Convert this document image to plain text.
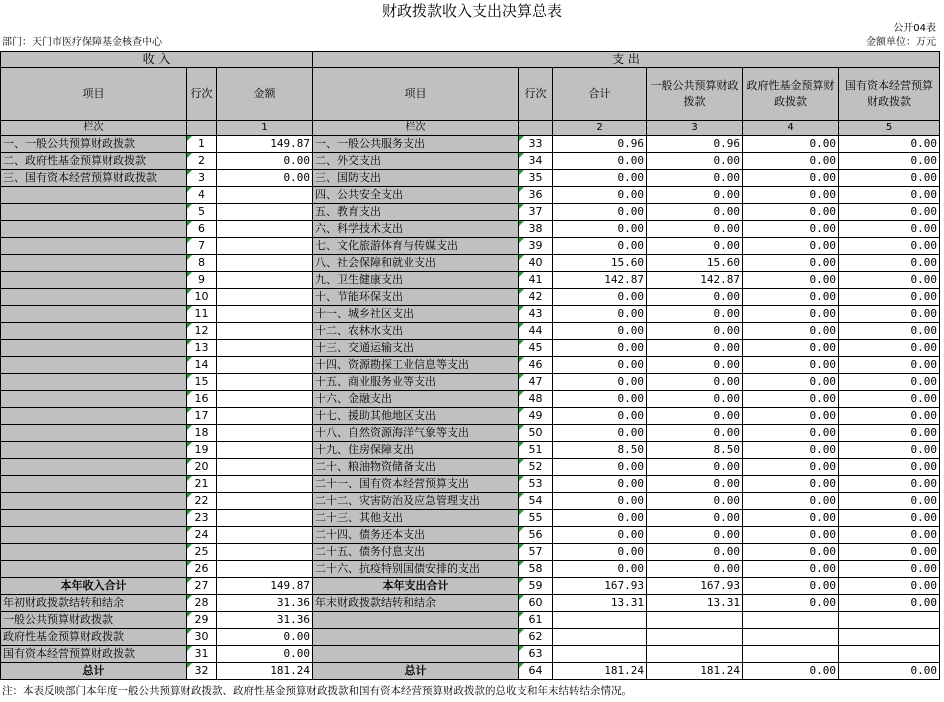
财政拨款收入支出决算总表
公开04表
部门：天门市医疗保障基金核查中心	金额单位：万元
收 入			支 出					
项目	行次	金额	项目	行次	合计	一般公共预算财政拨款	政府性基金预算财政拨款	国有资本经营预算财政拨款
栏次		1	栏次		2	3	4	5
一、一般公共预算财政拨款	1	149.87	一、一般公共服务支出	33	0.96	0.96	0.00	0.00
二、政府性基金预算财政拨款	2	0.00	二、外交支出	34	0.00	0.00	0.00	0.00
三、国有资本经营预算财政拨款	3	0.00	三、国防支出	35	0.00	0.00	0.00	0.00
	4		四、公共安全支出	36	0.00	0.00	0.00	0.00
	5		五、教育支出	37	0.00	0.00	0.00	0.00
	6		六、科学技术支出	38	0.00	0.00	0.00	0.00
	7		七、文化旅游体育与传媒支出	39	0.00	0.00	0.00	0.00
	8		八、社会保障和就业支出	40	15.60	15.60	0.00	0.00
	9		九、卫生健康支出	41	142.87	142.87	0.00	0.00
	10		十、节能环保支出	42	0.00	0.00	0.00	0.00
	11		十一、城乡社区支出	43	0.00	0.00	0.00	0.00
	12		十二、农林水支出	44	0.00	0.00	0.00	0.00
	13		十三、交通运输支出	45	0.00	0.00	0.00	0.00
	14		十四、资源勘探工业信息等支出	46	0.00	0.00	0.00	0.00
	15		十五、商业服务业等支出	47	0.00	0.00	0.00	0.00
	16		十六、金融支出	48	0.00	0.00	0.00	0.00
	17		十七、援助其他地区支出	49	0.00	0.00	0.00	0.00
	18		十八、自然资源海洋气象等支出	50	0.00	0.00	0.00	0.00
	19		十九、住房保障支出	51	8.50	8.50	0.00	0.00
	20		二十、粮油物资储备支出	52	0.00	0.00	0.00	0.00
	21		二十一、国有资本经营预算支出	53	0.00	0.00	0.00	0.00
	22		二十二、灾害防治及应急管理支出	54	0.00	0.00	0.00	0.00
	23		二十三、其他支出	55	0.00	0.00	0.00	0.00
	24		二十四、债务还本支出	56	0.00	0.00	0.00	0.00
	25		二十五、债务付息支出	57	0.00	0.00	0.00	0.00
	26		二十六、抗疫特别国债安排的支出	58	0.00	0.00	0.00	0.00
本年收入合计	27	149.87	本年支出合计	59	167.93	167.93	0.00	0.00
年初财政拨款结转和结余	28	31.36	年末财政拨款结转和结余	60	13.31	13.31	0.00	0.00
一般公共预算财政拨款	29	31.36		61				
政府性基金预算财政拨款	30	0.00		62				
国有资本经营预算财政拨款	31	0.00		63				
总计	32	181.24	总计	64	181.24	181.24	0.00	0.00
注：本表反映部门本年度一般公共预算财政拨款、政府性基金预算财政拨款和国有资本经营预算财政拨款的总收支和年末结转结余情况。
